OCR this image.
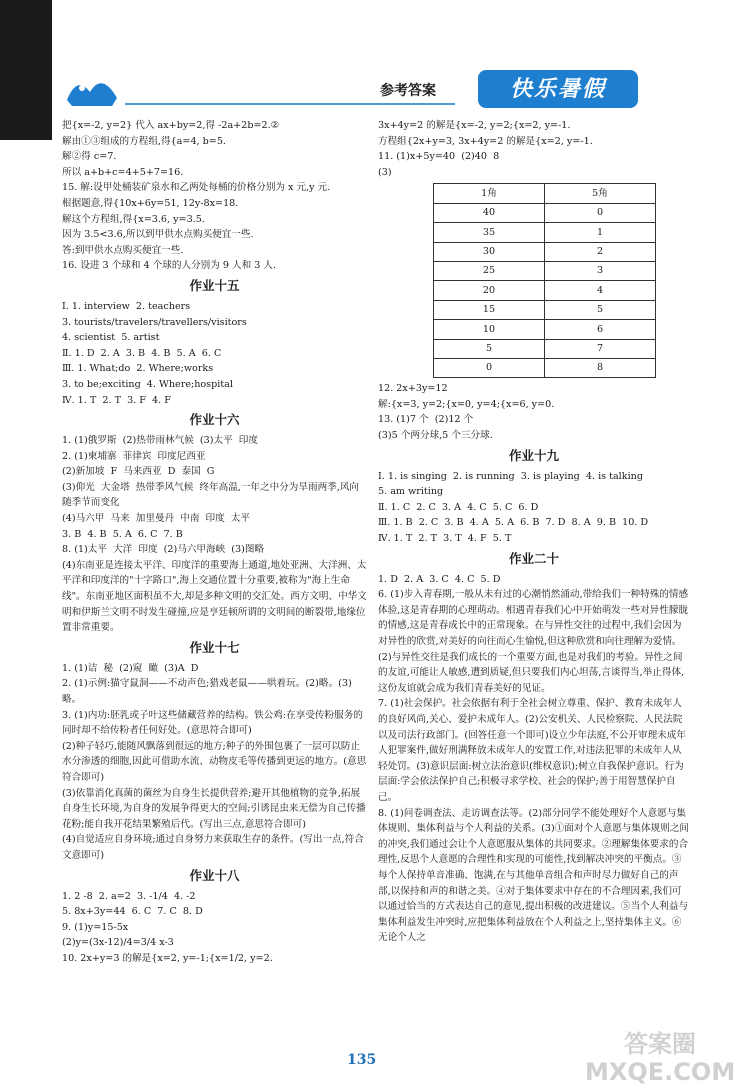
参考答案	快乐暑假

把{x=-2, y=2} 代入 ax+by=2,得 -2a+2b=2.②

解由①③组成的方程组,得{a=4, b=5.

解②得 c=7.

所以 a+b+c=4+5+7=16.

15. 解:设甲处桶装矿泉水和乙两处每桶的价格分别为 x 元,y 元.

根据题意,得{10x+6y=51, 12y-8x=18.

解这个方程组,得{x=3.6, y=3.5.

因为 3.5<3.6,所以到甲供水点购买便宜一些.

答:到甲供水点购买便宜一些.

16. 设进 3 个球和 4 个球的人分别为 9 人和 3 人.

作业十五

Ⅰ. 1. interview  2. teachers

3. tourists/travelers/travellers/visitors

4. scientist  5. artist

Ⅱ. 1. D  2. A  3. B  4. B  5. A  6. C

Ⅲ. 1. What;do  2. Where;works

3. to be;exciting  4. Where;hospital

Ⅳ. 1. T  2. T  3. F  4. F

作业十六

1. (1)俄罗斯  (2)热带雨林气候  (3)太平  印度

2. (1)柬埔寨  菲律宾  印度尼西亚

(2)新加坡  F  马来西亚  D  泰国  G

(3)仰光  大金塔  热带季风气候  终年高温,一年之中分为旱雨两季,风向随季节而变化

(4)马六甲  马来  加里曼丹  中南  印度  太平

3. B  4. B  5. A  6. C  7. B

8. (1)太平  大洋  印度  (2)马六甲海峡  (3)图略

(4)东南亚是连接太平洋、印度洋的重要海上通道,地处亚洲、大洋洲、太平洋和印度洋的"十字路口",海上交通位置十分重要,被称为"海上生命线"。东南亚地区面积虽不大,却是多种文明的交汇处。西方文明、中华文明和伊斯兰文明不时发生碰撞,应是亨廷顿所谓的文明间的断裂带,地缘位置非常重要。

作业十七

1. (1)诘  秘  (2)窥  瞰  (3)A  D

2. (1)示例:猫守鼠洞——不动声色;猎戏老鼠——哄着玩。(2)略。(3)略。

3. (1)内功:胚乳或子叶这些储藏营养的结构。铁公鸡:在享受传粉服务的同时却不给传粉者任何好处。(意思符合即可)

(2)种子轻巧,能随风飘落到很远的地方;种子的外围包裹了一层可以防止水分渗透的细胞,因此可借助水流、动物皮毛等传播到更远的地方。(意思符合即可)

(3)依靠消化真菌的菌丝为自身生长提供营养;避开其他植物的竞争,拓展自身生长环境,为自身的发展争得更大的空间;引诱昆虫来无偿为自己传播花粉;能自我开花结果繁殖后代。(写出三点,意思符合即可)

(4)自觉适应自身环境;通过自身努力来获取生存的条件。(写出一点,符合文意即可)

作业十八

1. 2 -8  2. a=2  3. -1/4  4. -2

5. 8x+3y=44  6. C  7. C  8. D

9. (1)y=15-5x

(2)y=(3x-12)/4=3/4 x-3

10. 2x+y=3 的解是{x=2, y=-1;{x=1/2, y=2.

3x+4y=2 的解是{x=-2, y=2;{x=2, y=-1.

方程组{2x+y=3, 3x+4y=2 的解是{x=2, y=-1.

11. (1)x+5y=40  (2)40  8

(3)

1角	5角
40	0
35	1
30	2
25	3
20	4
15	5
10	6
5	7
0	8

12. 2x+3y=12

解:{x=3, y=2;{x=0, y=4;{x=6, y=0.

13. (1)7 个  (2)12 个

(3)5 个两分球,5 个三分球.

作业十九

Ⅰ. 1. is singing  2. is running  3. is playing  4. is talking

5. am writing

Ⅱ. 1. C  2. C  3. A  4. C  5. C  6. D

Ⅲ. 1. B  2. C  3. B  4. A  5. A  6. B  7. D  8. A  9. B  10. D

Ⅳ. 1. T  2. T  3. T  4. F  5. T

作业二十

1. D  2. A  3. C  4. C  5. D

6. (1)步入青春期,一般从未有过的心潮悄然涌动,带给我们一种特殊的情感体验,这是青春期的心理萌动。相遇青春我们心中开始萌发一些对异性朦胧的情感,这是青春成长中的正常现象。在与异性交往的过程中,我们会因为对异性的欣赏,对美好的向往而心生愉悦,但这种欣赏和向往理解为爱情。(2)与异性交往是我们成长的一个重要方面,也是对我们的考验。异性之间的友谊,可能让人敏感,遭到质疑,但只要我们内心坦荡,言谈得当,举止得体,这份友谊就会成为我们青春美好的见证。

7. (1)社会保护。社会依据有利于全社会树立尊重、保护、教育未成年人的良好风尚,关心、爱护未成年人。(2)公安机关、人民检察院、人民法院以及司法行政部门。(回答任意一个即可)设立少年法庭,不公开审理未成年人犯罪案件,做好刑满释放未成年人的安置工作,对违法犯罪的未成年人从轻处罚。(3)意识层面:树立法治意识(维权意识);树立自我保护意识。行为层面:学会依法保护自己;积极寻求学校、社会的保护;善于用智慧保护自己。

8. (1)问卷调查法、走访调查法等。(2)部分同学不能处理好个人意愿与集体规则、集体利益与个人利益的关系。(3)①面对个人意愿与集体规则之间的冲突,我们通过会让个人意愿服从集体的共同要求。②理解集体要求的合理性,反思个人意愿的合理性和实现的可能性,找到解决冲突的平衡点。③每个人保持单音准确、饱满,在与其他单音组合和声时尽力做好自己的声部,以保持和声的和谐之美。④对于集体要求中存在的不合理因素,我们可以通过恰当的方式表达自己的意见,提出积极的改进建议。⑤当个人利益与集体利益发生冲突时,应把集体利益放在个人利益之上,坚持集体主义。⑥无论个人之

135
答案圈
MXQE.COM
